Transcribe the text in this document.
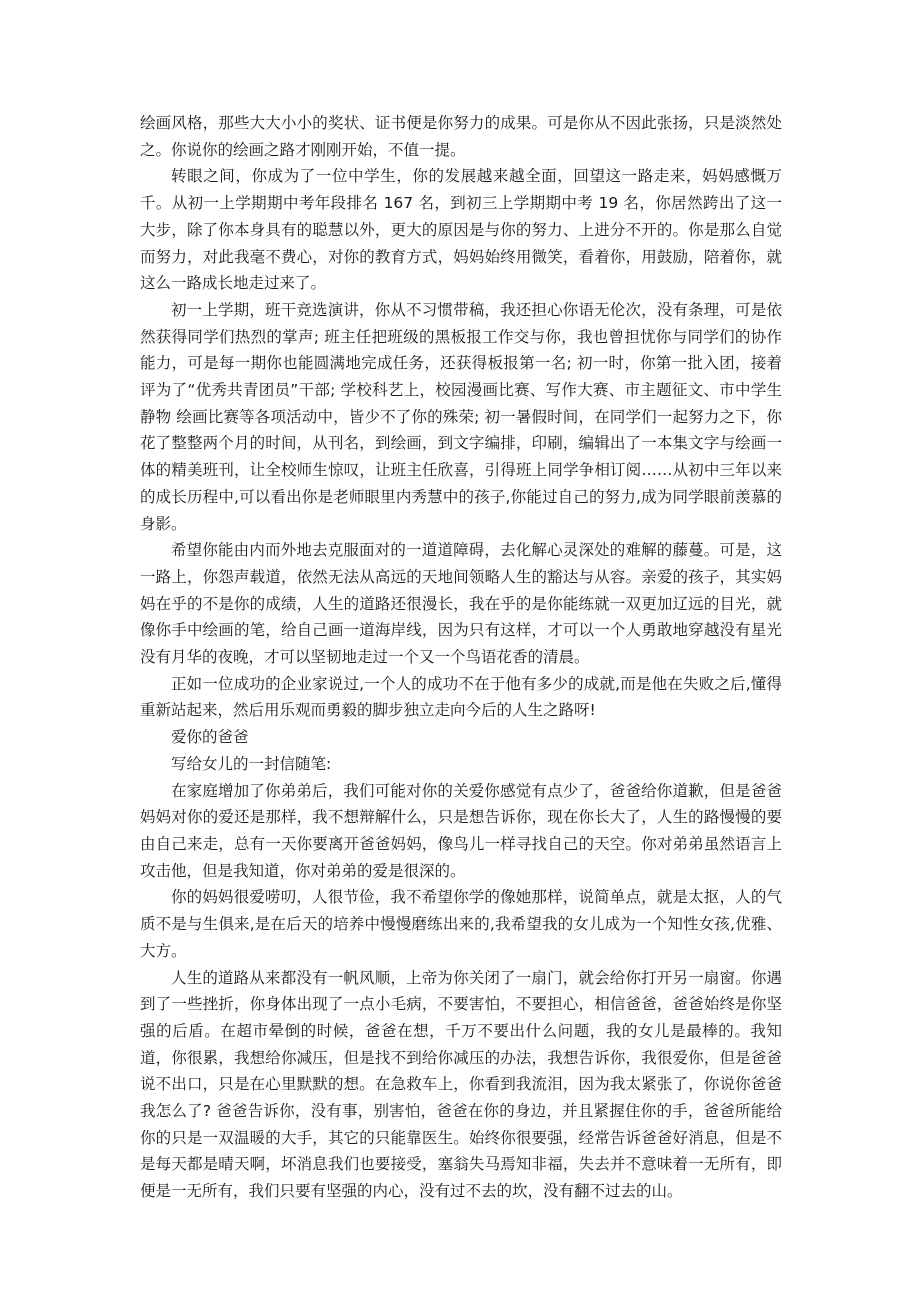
绘画风格，那些大大小小的奖状、证书便是你努力的成果。可是你从不因此张扬，只是淡然处之。你说你的绘画之路才刚刚开始，不值一提。

转眼之间，你成为了一位中学生，你的发展越来越全面，回望这一路走来，妈妈感慨万千。从初一上学期期中考年段排名 167 名，到初三上学期期中考 19 名，你居然跨出了这一大步，除了你本身具有的聪慧以外，更大的原因是与你的努力、上进分不开的。你是那么自觉而努力，对此我毫不费心，对你的教育方式，妈妈始终用微笑，看着你，用鼓励，陪着你，就这么一路成长地走过来了。

初一上学期，班干竞选演讲，你从不习惯带稿，我还担心你语无伦次，没有条理，可是依然获得同学们热烈的掌声; 班主任把班级的黑板报工作交与你，我也曾担忧你与同学们的协作能力，可是每一期你也能圆满地完成任务，还获得板报第一名; 初一时，你第一批入团，接着评为了“优秀共青团员”干部; 学校科艺上，校园漫画比赛、写作大赛、市主题征文、市中学生静物 绘画比赛等各项活动中，皆少不了你的殊荣; 初一暑假时间，在同学们一起努力之下，你花了整整两个月的时间，从刊名，到绘画，到文字编排，印刷，编辑出了一本集文字与绘画一体的精美班刊，让全校师生惊叹，让班主任欣喜，引得班上同学争相订阅……从初中三年以来的成长历程中,可以看出你是老师眼里内秀慧中的孩子,你能过自己的努力,成为同学眼前羡慕的身影。

希望你能由内而外地去克服面对的一道道障碍，去化解心灵深处的难解的藤蔓。可是，这一路上，你怨声载道，依然无法从高远的天地间领略人生的豁达与从容。亲爱的孩子，其实妈妈在乎的不是你的成绩，人生的道路还很漫长，我在乎的是你能练就一双更加辽远的目光，就像你手中绘画的笔，给自己画一道海岸线，因为只有这样，才可以一个人勇敢地穿越没有星光没有月华的夜晚，才可以坚韧地走过一个又一个鸟语花香的清晨。

正如一位成功的企业家说过,一个人的成功不在于他有多少的成就,而是他在失败之后,懂得重新站起来，然后用乐观而勇毅的脚步独立走向今后的人生之路呀!

爱你的爸爸

写给女儿的一封信随笔:

在家庭增加了你弟弟后，我们可能对你的关爱你感觉有点少了，爸爸给你道歉，但是爸爸妈妈对你的爱还是那样，我不想辩解什么，只是想告诉你，现在你长大了，人生的路慢慢的要由自己来走，总有一天你要离开爸爸妈妈，像鸟儿一样寻找自己的天空。你对弟弟虽然语言上攻击他，但是我知道，你对弟弟的爱是很深的。

你的妈妈很爱唠叨，人很节俭，我不希望你学的像她那样，说简单点，就是太抠，人的气质不是与生俱来,是在后天的培养中慢慢磨练出来的,我希望我的女儿成为一个知性女孩,优雅、大方。

人生的道路从来都没有一帆风顺，上帝为你关闭了一扇门，就会给你打开另一扇窗。你遇到了一些挫折，你身体出现了一点小毛病，不要害怕，不要担心，相信爸爸，爸爸始终是你坚强的后盾。在超市晕倒的时候，爸爸在想，千万不要出什么问题，我的女儿是最棒的。我知道，你很累，我想给你减压，但是找不到给你减压的办法，我想告诉你，我很爱你，但是爸爸说不出口，只是在心里默默的想。在急救车上，你看到我流泪，因为我太紧张了，你说你爸爸我怎么了? 爸爸告诉你，没有事，别害怕，爸爸在你的身边，并且紧握住你的手，爸爸所能给你的只是一双温暖的大手，其它的只能靠医生。始终你很要强，经常告诉爸爸好消息，但是不是每天都是晴天啊，坏消息我们也要接受，塞翁失马焉知非福，失去并不意味着一无所有，即便是一无所有，我们只要有坚强的内心，没有过不去的坎，没有翻不过去的山。
